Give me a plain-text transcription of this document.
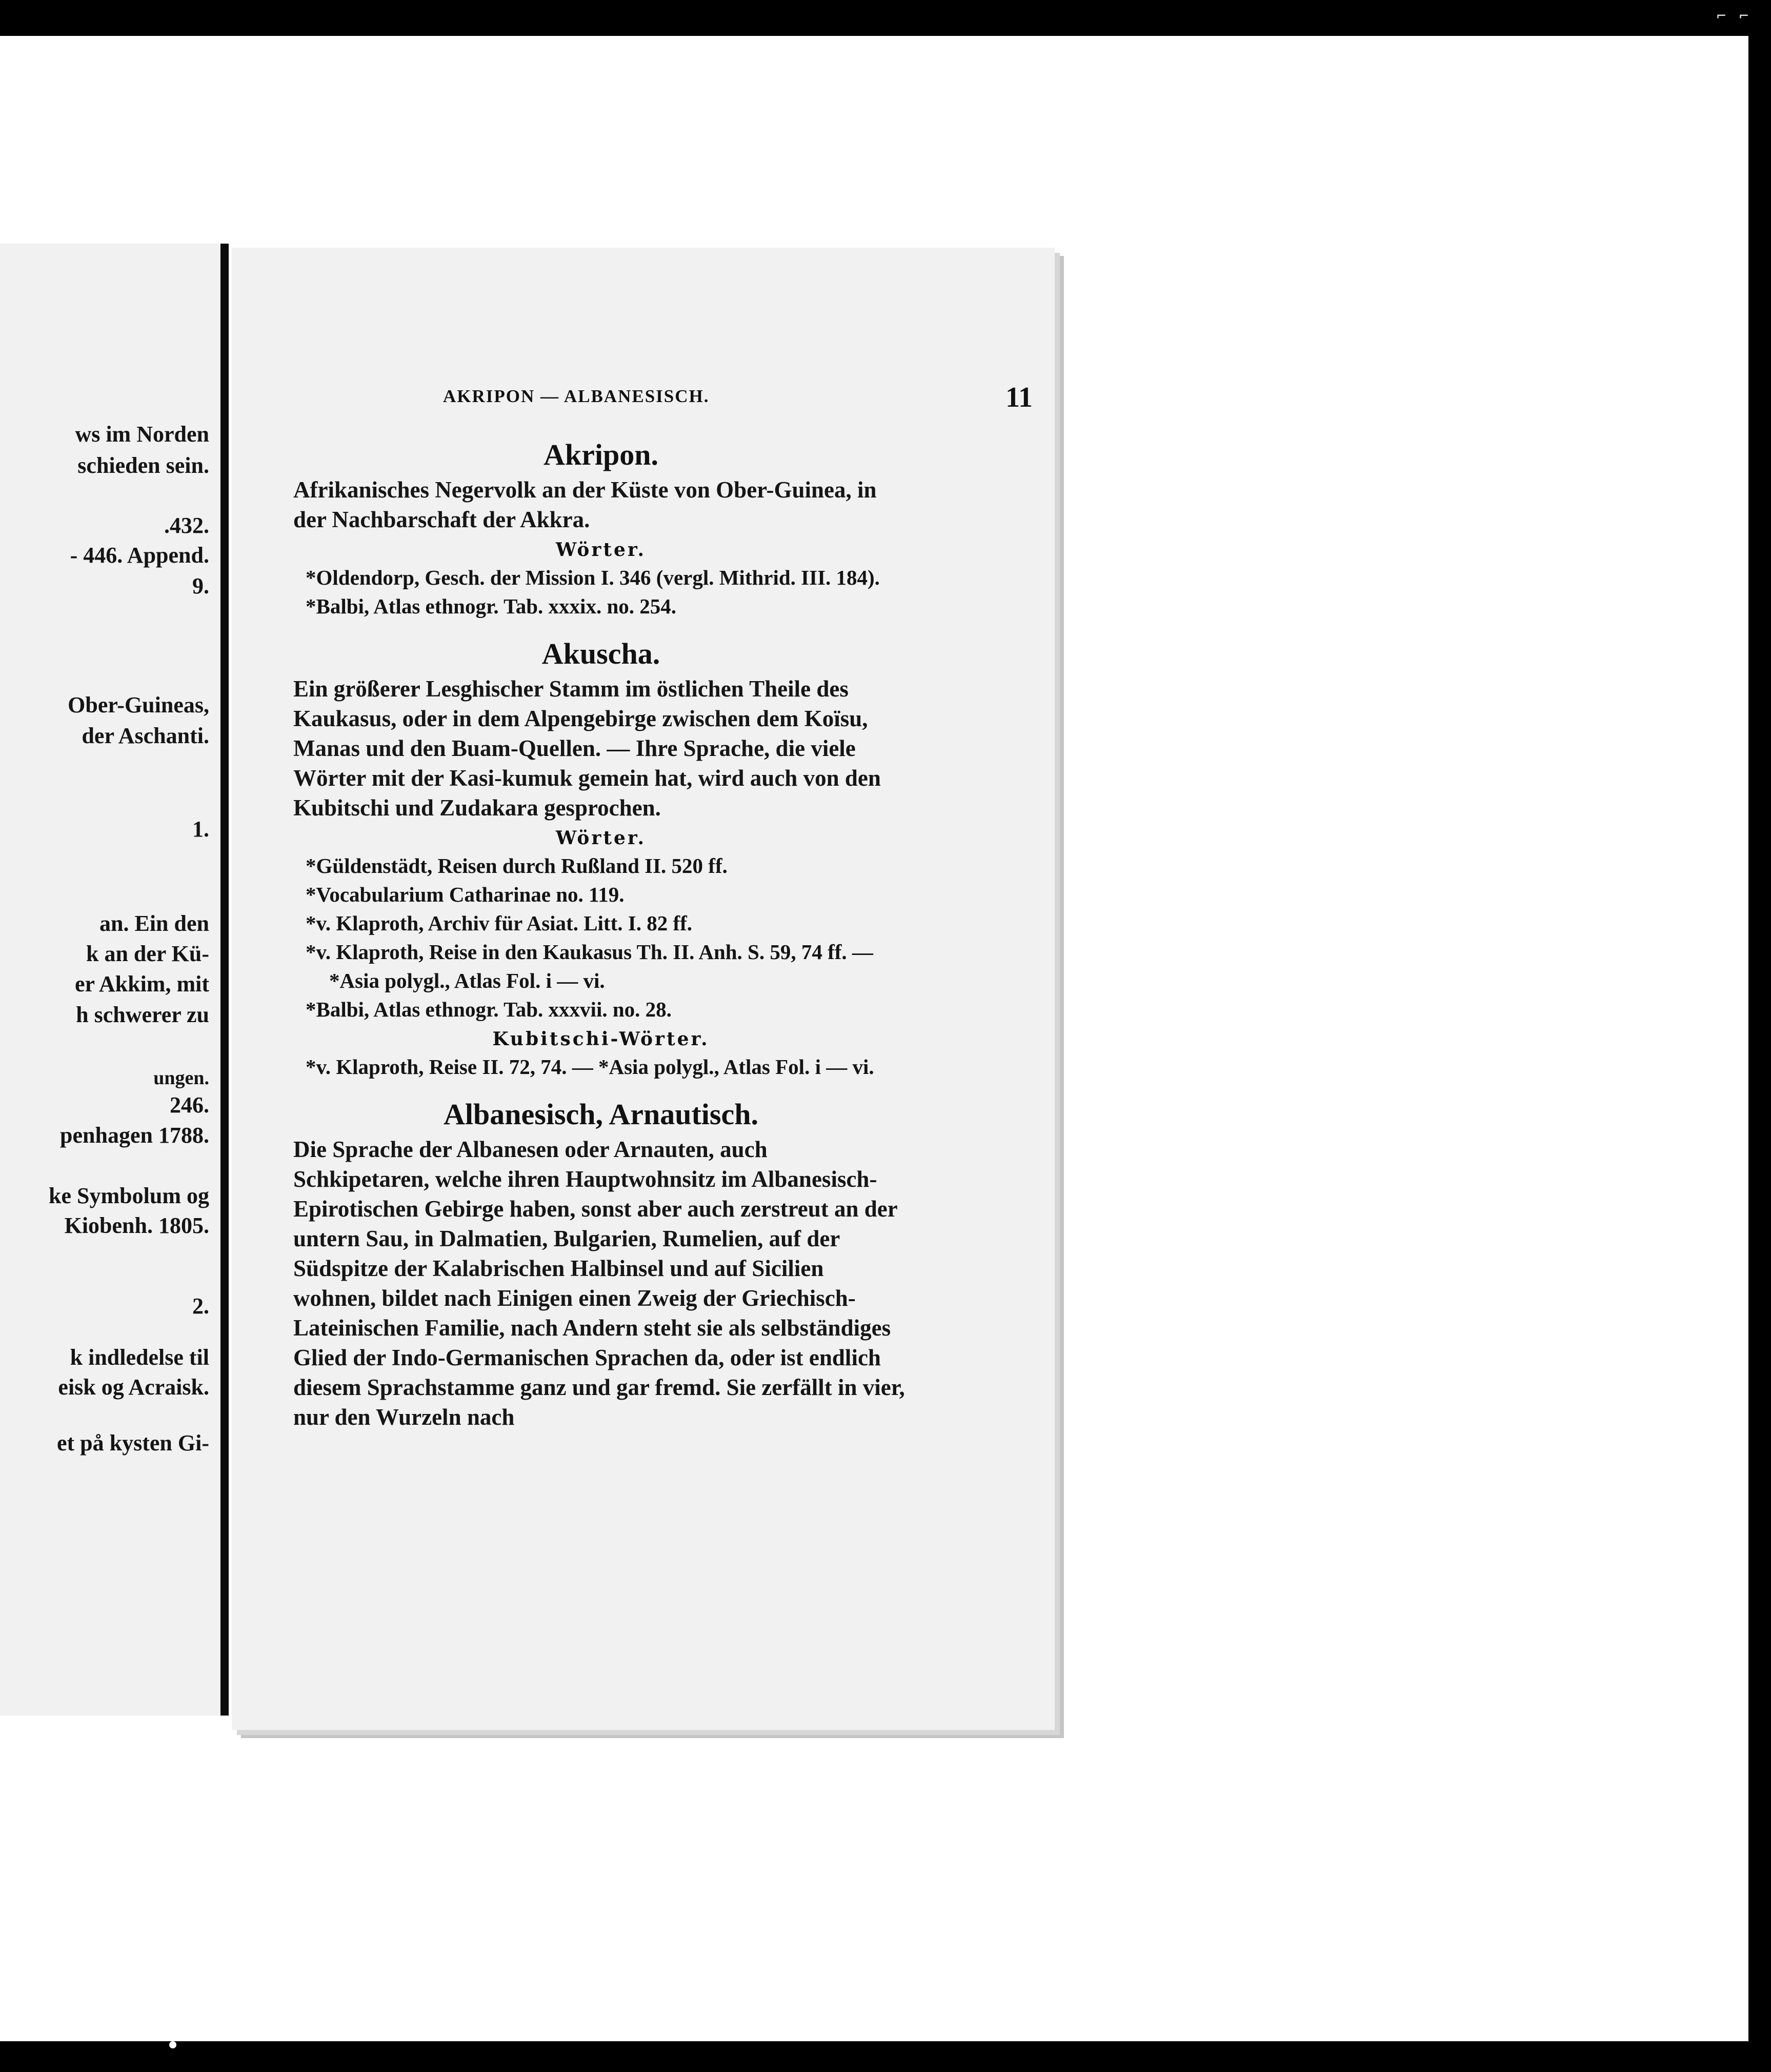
⌐ ⌐

ws im Norden

schieden sein.

.432.

- 446. Append.

9.

Ober-Guineas,

der Aschanti.

1.

an. Ein den

k an der Kü-

er Akkim, mit

h schwerer zu

ungen.

246.

penhagen 1788.

ke Symbolum og

Kiobenh. 1805.

2.

k indledelse til

eisk og Acraisk.

et på kysten Gi-

AKRIPON — ALBANESISCH.	11
Akripon.

Afrikanisches Negervolk an der Küste von Ober-Guinea, in der Nachbarschaft der Akkra.

Wörter.

*Oldendorp, Gesch. der Mission I. 346 (vergl. Mithrid. III. 184).

*Balbi, Atlas ethnogr. Tab. xxxix. no. 254.

Akuscha.

Ein größerer Lesghischer Stamm im östlichen Theile des Kaukasus, oder in dem Alpengebirge zwischen dem Koïsu, Manas und den Buam-Quellen. — Ihre Sprache, die viele Wörter mit der Kasi-kumuk gemein hat, wird auch von den Kubitschi und Zudakara gesprochen.

Wörter.

*Güldenstädt, Reisen durch Rußland II. 520 ff.

*Vocabularium Catharinae no. 119.

*v. Klaproth, Archiv für Asiat. Litt. I. 82 ff.

*v. Klaproth, Reise in den Kaukasus Th. II. Anh. S. 59, 74 ff. — *Asia polygl., Atlas Fol. i — vi.

*Balbi, Atlas ethnogr. Tab. xxxvii. no. 28.

Kubitschi-Wörter.

*v. Klaproth, Reise II. 72, 74. — *Asia polygl., Atlas Fol. i — vi.

Albanesisch, Arnautisch.

Die Sprache der Albanesen oder Arnauten, auch Schkipetaren, welche ihren Hauptwohnsitz im Albanesisch-Epirotischen Gebirge haben, sonst aber auch zerstreut an der untern Sau, in Dalmatien, Bulgarien, Rumelien, auf der Südspitze der Kalabrischen Halbinsel und auf Sicilien wohnen, bildet nach Einigen einen Zweig der Griechisch-Lateinischen Familie, nach Andern steht sie als selbständiges Glied der Indo-Germanischen Sprachen da, oder ist endlich diesem Sprachstamme ganz und gar fremd. Sie zerfällt in vier, nur den Wurzeln nach
